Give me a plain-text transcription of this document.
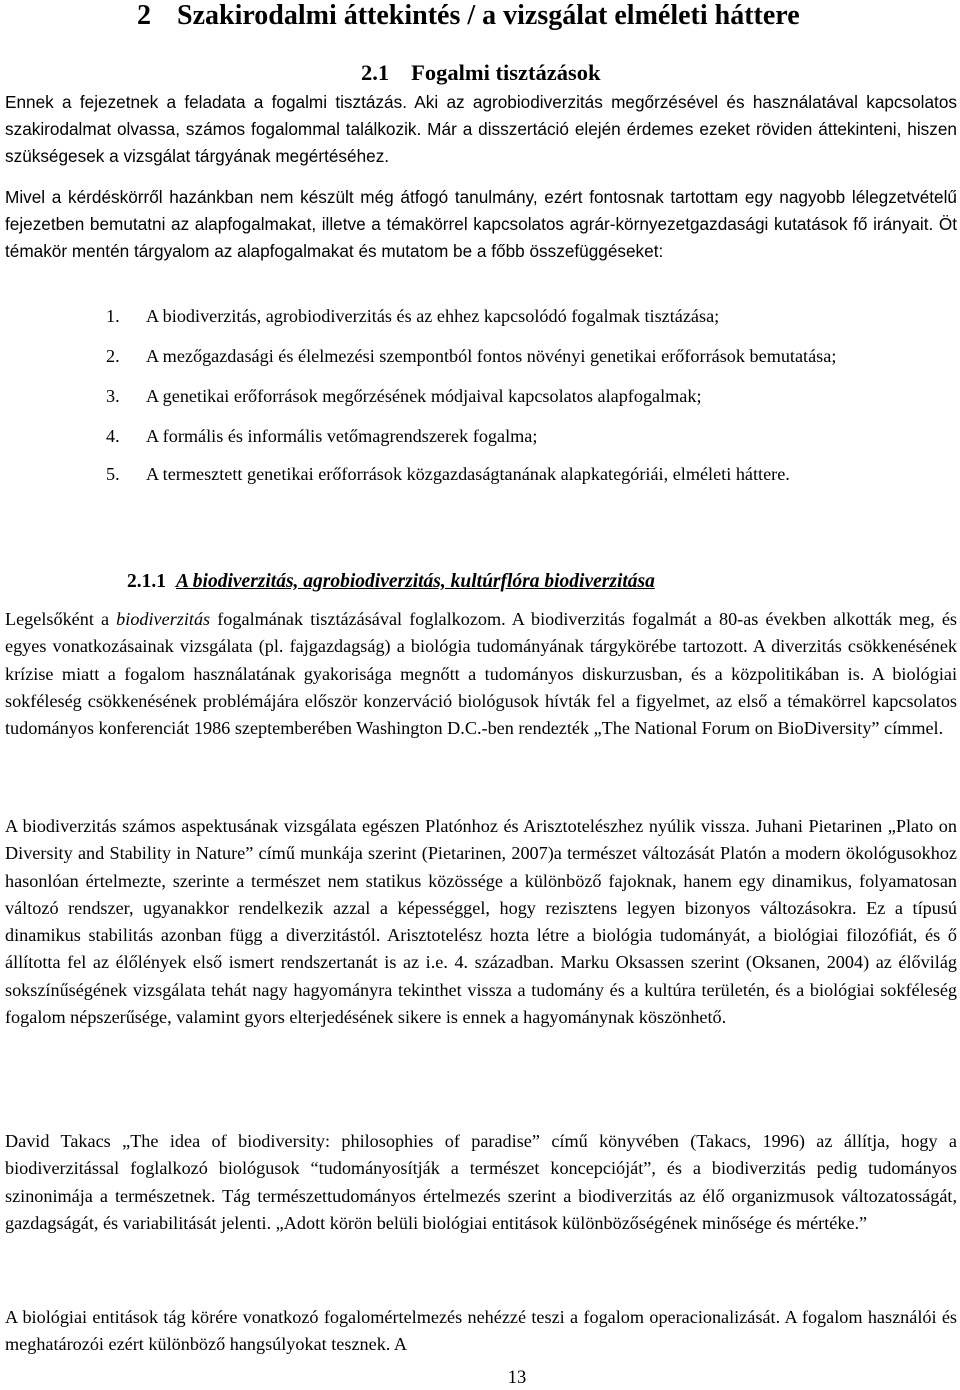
2 Szakirodalmi áttekintés / a vizsgálat elméleti háttere
2.1 Fogalmi tisztázások

Ennek a fejezetnek a feladata a fogalmi tisztázás. Aki az agrobiodiverzitás megőrzésével és használatával kapcsolatos szakirodalmat olvassa, számos fogalommal találkozik. Már a disszertáció elején érdemes ezeket röviden áttekinteni, hiszen szükségesek a vizsgálat tárgyának megértéséhez.

Mivel a kérdéskörről hazánkban nem készült még átfogó tanulmány, ezért fontosnak tartottam egy nagyobb lélegzetvételű fejezetben bemutatni az alapfogalmakat, illetve a témakörrel kapcsolatos agrár-környezetgazdasági kutatások fő irányait. Öt témakör mentén tárgyalom az alapfogalmakat és mutatom be a főbb összefüggéseket:

1. A biodiverzitás, agrobiodiverzitás és az ehhez kapcsolódó fogalmak tisztázása;
2. A mezőgazdasági és élelmezési szempontból fontos növényi genetikai erőforrások bemutatása;
3. A genetikai erőforrások megőrzésének módjaival kapcsolatos alapfogalmak;
4. A formális és informális vetőmagrendszerek fogalma;
5. A termesztett genetikai erőforrások közgazdaságtanának alapkategóriái, elméleti háttere.
2.1.1 A biodiverzitás, agrobiodiverzitás, kultúrflóra biodiverzitása

Legelsőként a biodiverzitás fogalmának tisztázásával foglalkozom. A biodiverzitás fogalmát a 80-as években alkották meg, és egyes vonatkozásainak vizsgálata (pl. fajgazdagság) a biológia tudományának tárgykörébe tartozott. A diverzitás csökkenésének krízise miatt a fogalom használatának gyakorisága megnőtt a tudományos diskurzusban, és a közpolitikában is. A biológiai sokféleség csökkenésének problémájára először konzerváció biológusok hívták fel a figyelmet, az első a témakörrel kapcsolatos tudományos konferenciát 1986 szeptemberében Washington D.C.-ben rendezték „The National Forum on BioDiversity” címmel.

A biodiverzitás számos aspektusának vizsgálata egészen Platónhoz és Arisztotelészhez nyúlik vissza. Juhani Pietarinen „Plato on Diversity and Stability in Nature” című munkája szerint (Pietarinen, 2007)a természet változását Platón a modern ökológusokhoz hasonlóan értelmezte, szerinte a természet nem statikus közössége a különböző fajoknak, hanem egy dinamikus, folyamatosan változó rendszer, ugyanakkor rendelkezik azzal a képességgel, hogy rezisztens legyen bizonyos változásokra. Ez a típusú dinamikus stabilitás azonban függ a diverzitástól. Arisztotelész hozta létre a biológia tudományát, a biológiai filozófiát, és ő állította fel az élőlények első ismert rendszertanát is az i.e. 4. században. Marku Oksassen szerint (Oksanen, 2004) az élővilág sokszínűségének vizsgálata tehát nagy hagyományra tekinthet vissza a tudomány és a kultúra területén, és a biológiai sokféleség fogalom népszerűsége, valamint gyors elterjedésének sikere is ennek a hagyománynak köszönhető.

David Takacs „The idea of biodiversity: philosophies of paradise” című könyvében (Takacs, 1996) az állítja, hogy a biodiverzitással foglalkozó biológusok “tudományosítják a természet koncepcióját”, és a biodiverzitás pedig tudományos szinonimája a természetnek. Tág természettudományos értelmezés szerint a biodiverzitás az élő organizmusok változatosságát, gazdagságát, és variabilitását jelenti. „Adott körön belüli biológiai entitások különbözőségének minősége és mértéke.”

A biológiai entitások tág körére vonatkozó fogalomértelmezés nehézzé teszi a fogalom operacionalizását. A fogalom használói és meghatározói ezért különböző hangsúlyokat tesznek. A

13
